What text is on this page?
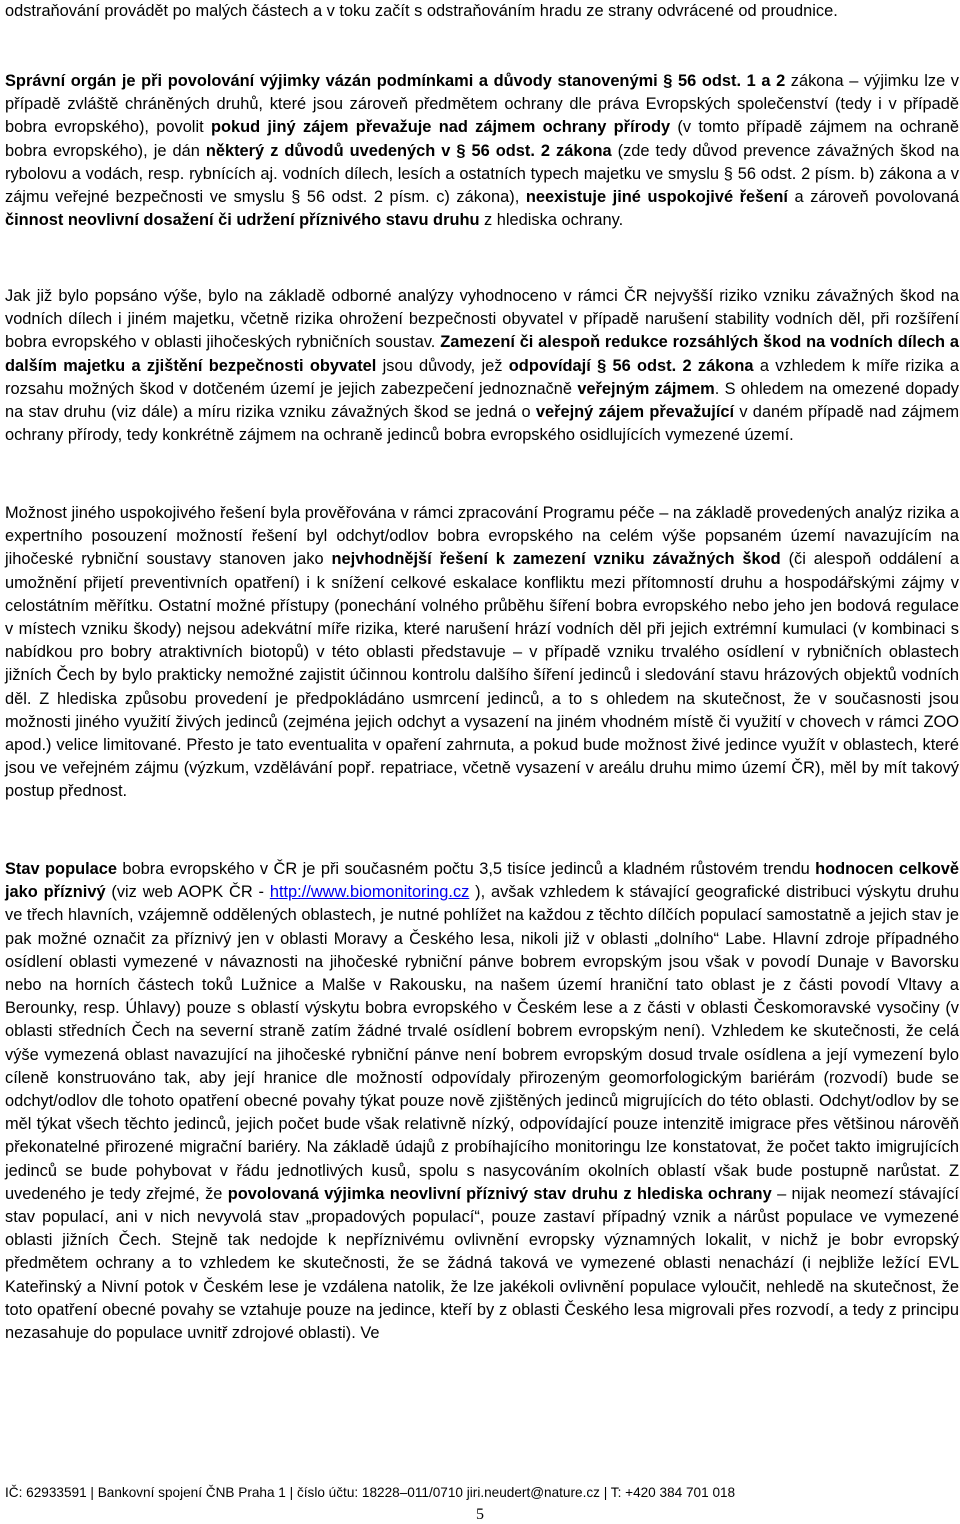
odstraňování provádět po malých částech a v toku začít s odstraňováním hradu ze strany odvrácené od proudnice.

Správní orgán je při povolování výjimky vázán podmínkami a důvody stanovenými § 56 odst. 1 a 2 zákona – výjimku lze v případě zvláště chráněných druhů, které jsou zároveň předmětem ochrany dle práva Evropských společenství (tedy i v případě bobra evropského), povolit pokud jiný zájem převažuje nad zájmem ochrany přírody (v tomto případě zájmem na ochraně bobra evropského), je dán některý z důvodů uvedených v § 56 odst. 2 zákona (zde tedy důvod prevence závažných škod na rybolovu a vodách, resp. rybnících aj. vodních dílech, lesích a ostatních typech majetku ve smyslu § 56 odst. 2 písm. b) zákona a v zájmu veřejné bezpečnosti ve smyslu § 56 odst. 2 písm. c) zákona), neexistuje jiné uspokojivé řešení a zároveň povolovaná činnost neovlivní dosažení či udržení příznivého stavu druhu z hlediska ochrany.

Jak již bylo popsáno výše, bylo na základě odborné analýzy vyhodnoceno v rámci ČR nejvyšší riziko vzniku závažných škod na vodních dílech i jiném majetku, včetně rizika ohrožení bezpečnosti obyvatel v případě narušení stability vodních děl, při rozšíření bobra evropského v oblasti jihočeských rybničních soustav. Zamezení či alespoň redukce rozsáhlých škod na vodních dílech a dalším majetku a zjištění bezpečnosti obyvatel jsou důvody, jež odpovídají § 56 odst. 2 zákona a vzhledem k míře rizika a rozsahu možných škod v dotčeném území je jejich zabezpečení jednoznačně veřejným zájmem. S ohledem na omezené dopady na stav druhu (viz dále) a míru rizika vzniku závažných škod se jedná o veřejný zájem převažující v daném případě nad zájmem ochrany přírody, tedy konkrétně zájmem na ochraně jedinců bobra evropského osidlujících vymezené území.

Možnost jiného uspokojivého řešení byla prověřována v rámci zpracování Programu péče – na základě provedených analýz rizika a expertního posouzení možností řešení byl odchyt/odlov bobra evropského na celém výše popsaném území navazujícím na jihočeské rybniční soustavy stanoven jako nejvhodnější řešení k zamezení vzniku závažných škod (či alespoň oddálení a umožnění přijetí preventivních opatření) i k snížení celkové eskalace konfliktu mezi přítomností druhu a hospodářskými zájmy v celostátním měřítku. Ostatní možné přístupy (ponechání volného průběhu šíření bobra evropského nebo jeho jen bodová regulace v místech vzniku škody) nejsou adekvátní míře rizika, které narušení hrází vodních děl při jejich extrémní kumulaci (v kombinaci s nabídkou pro bobry atraktivních biotopů) v této oblasti představuje – v případě vzniku trvalého osídlení v rybničních oblastech jižních Čech by bylo prakticky nemožné zajistit účinnou kontrolu dalšího šíření jedinců i sledování stavu hrázových objektů vodních děl. Z hlediska způsobu provedení je předpokládáno usmrcení jedinců, a to s ohledem na skutečnost, že v současnosti jsou možnosti jiného využití živých jedinců (zejména jejich odchyt a vysazení na jiném vhodném místě či využití v chovech v rámci ZOO apod.) velice limitované. Přesto je tato eventualita v opaření zahrnuta, a pokud bude možnost živé jedince využít v oblastech, které jsou ve veřejném zájmu (výzkum, vzdělávání popř. repatriace, včetně vysazení v areálu druhu mimo území ČR), měl by mít takový postup přednost.

Stav populace bobra evropského v ČR je při současném počtu 3,5 tisíce jedinců a kladném růstovém trendu hodnocen celkově jako příznivý (viz web AOPK ČR - http://www.biomonitoring.cz ), avšak vzhledem k stávající geografické distribuci výskytu druhu ve třech hlavních, vzájemně oddělených oblastech, je nutné pohlížet na každou z těchto dílčích populací samostatně a jejich stav je pak možné označit za příznivý jen v oblasti Moravy a Českého lesa, nikoli již v oblasti „dolního“ Labe. Hlavní zdroje případného osídlení oblasti vymezené v návaznosti na jihočeské rybniční pánve bobrem evropským jsou však v povodí Dunaje v Bavorsku nebo na horních částech toků Lužnice a Malše v Rakousku, na našem území hraniční tato oblast je z části povodí Vltavy a Berounky, resp. Úhlavy) pouze s oblastí výskytu bobra evropského v Českém lese a z části v oblasti Českomoravské vysočiny (v oblasti středních Čech na severní straně zatím žádné trvalé osídlení bobrem evropským není). Vzhledem ke skutečnosti, že celá výše vymezená oblast navazující na jihočeské rybniční pánve není bobrem evropským dosud trvale osídlena a její vymezení bylo cíleně konstruováno tak, aby její hranice dle možností odpovídaly přirozeným geomorfologickým bariérám (rozvodí) bude se odchyt/odlov dle tohoto opatření obecné povahy týkat pouze nově zjištěných jedinců migrujících do této oblasti. Odchyt/odlov by se měl týkat všech těchto jedinců, jejich počet bude však relativně nízký, odpovídající pouze intenzitě imigrace přes většinou nárověň překonatelné přirozené migrační bariéry. Na základě údajů z probíhajícího monitoringu lze konstatovat, že počet takto imigrujících jedinců se bude pohybovat v řádu jednotlivých kusů, spolu s nasycováním okolních oblastí však bude postupně narůstat. Z uvedeného je tedy zřejmé, že povolovaná výjimka neovlivní příznivý stav druhu z hlediska ochrany – nijak neomezí stávající stav populací, ani v nich nevyvolá stav „propadových populací“, pouze zastaví případný vznik a nárůst populace ve vymezené oblasti jižních Čech. Stejně tak nedojde k nepříznivému ovlivnění evropsky významných lokalit, v nichž je bobr evropský předmětem ochrany a to vzhledem ke skutečnosti, že se žádná taková ve vymezené oblasti nenachází (i nejbliže ležící EVL Kateřinský a Nivní potok v Českém lese je vzdálena natolik, že lze jakékoli ovlivnění populace vyloučit, nehledě na skutečnost, že toto opatření obecné povahy se vztahuje pouze na jedince, kteří by z oblasti Českého lesa migrovali přes rozvodí, a tedy z principu nezasahuje do populace uvnitř zdrojové oblasti). Ve

IČ: 62933591 | Bankovní spojení ČNB Praha 1 | číslo účtu: 18228–011/0710 jiri.neudert@nature.cz | T: +420 384 701 018
5
